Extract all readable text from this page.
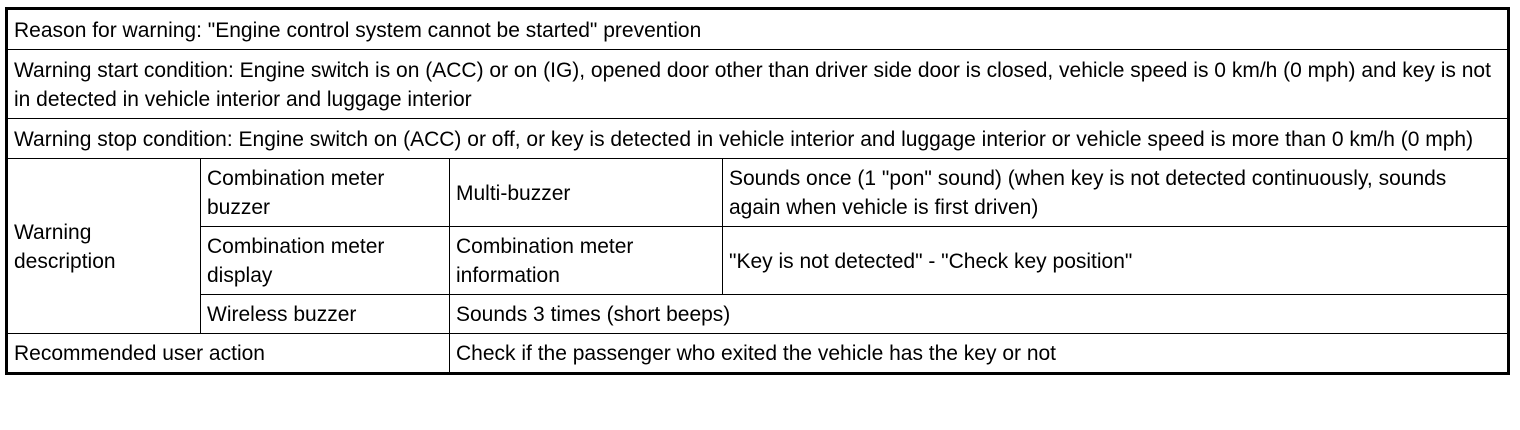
Reason for warning: "Engine control system cannot be started" prevention			
Warning start condition: Engine switch is on (ACC) or on (IG), opened door other than driver side door is closed, vehicle speed is 0 km/h (0 mph) and key is not in detected in vehicle interior and luggage interior			
Warning stop condition: Engine switch on (ACC) or off, or key is detected in vehicle interior and luggage interior or vehicle speed is more than 0 km/h (0 mph)			
Warning description	Combination meter buzzer	Multi-buzzer	Sounds once (1 "pon" sound) (when key is not detected continuously, sounds again when vehicle is first driven)
	Combination meter display	Combination meter information	"Key is not detected" - "Check key position"
	Wireless buzzer	Sounds 3 times (short beeps)	
Recommended user action		Check if the passenger who exited the vehicle has the key or not	
